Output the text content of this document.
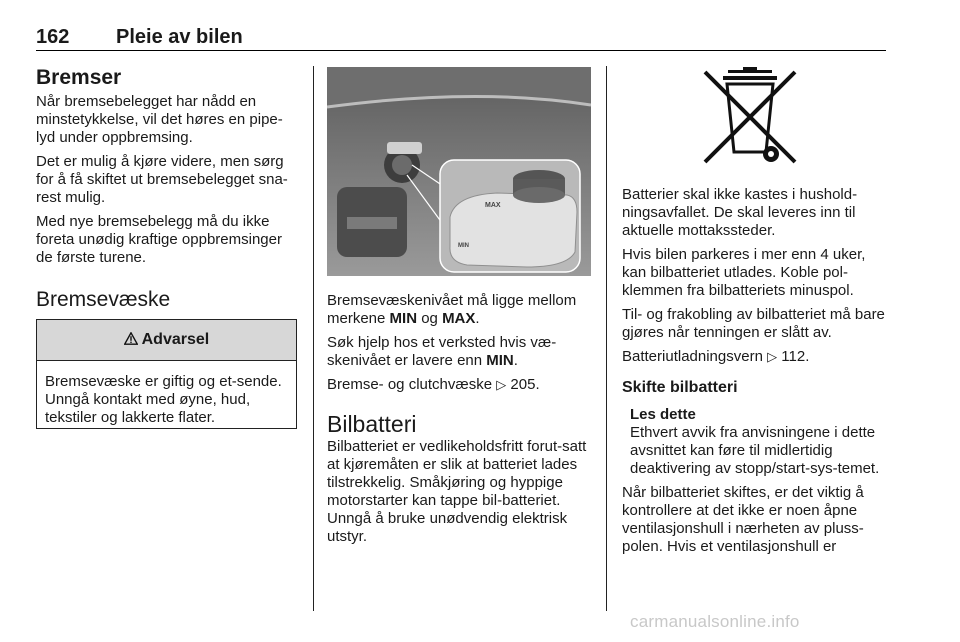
162 Pleie av bilen
Bremser

Når bremsebelegget har nådd en minstetykkelse, vil det høres en pipe-lyd under oppbremsing.

Det er mulig å kjøre videre, men sørg for å få skiftet ut bremsebelegget sna-rest mulig.

Med nye bremsebelegg må du ikke foreta unødig kraftige oppbremsinger de første turene.

Bremsevæske
Advarsel
Bremsevæske er giftig og et-sende. Unngå kontakt med øyne, hud, tekstiler og lakkerte flater.
MAX
MIN

Bremsevæskenivået må ligge mellom merkene MIN og MAX.

Søk hjelp hos et verksted hvis væ-skenivået er lavere enn MIN.

Bremse- og clutchvæske ▷ 205.

Bilbatteri

Bilbatteriet er vedlikeholdsfritt forut-satt at kjøremåten er slik at batteriet lades tilstrekkelig. Småkjøring og hyppige motorstarter kan tappe bil-batteriet. Unngå å bruke unødvendig elektrisk utstyr.

Batterier skal ikke kastes i hushold-ningsavfallet. De skal leveres inn til aktuelle mottakssteder.

Hvis bilen parkeres i mer enn 4 uker, kan bilbatteriet utlades. Koble pol-klemmen fra bilbatteriets minuspol.

Til- og frakobling av bilbatteriet må bare gjøres når tenningen er slått av.

Batteriutladningsvern ▷ 112.

Skifte bilbatteri
Les dette

Ethvert avvik fra anvisningene i dette avsnittet kan føre til midlertidig deaktivering av stopp/start-sys-temet.

Når bilbatteriet skiftes, er det viktig å kontrollere at det ikke er noen åpne ventilasjonshull i nærheten av pluss-polen. Hvis et ventilasjonshull er

carmanualsonline.info
